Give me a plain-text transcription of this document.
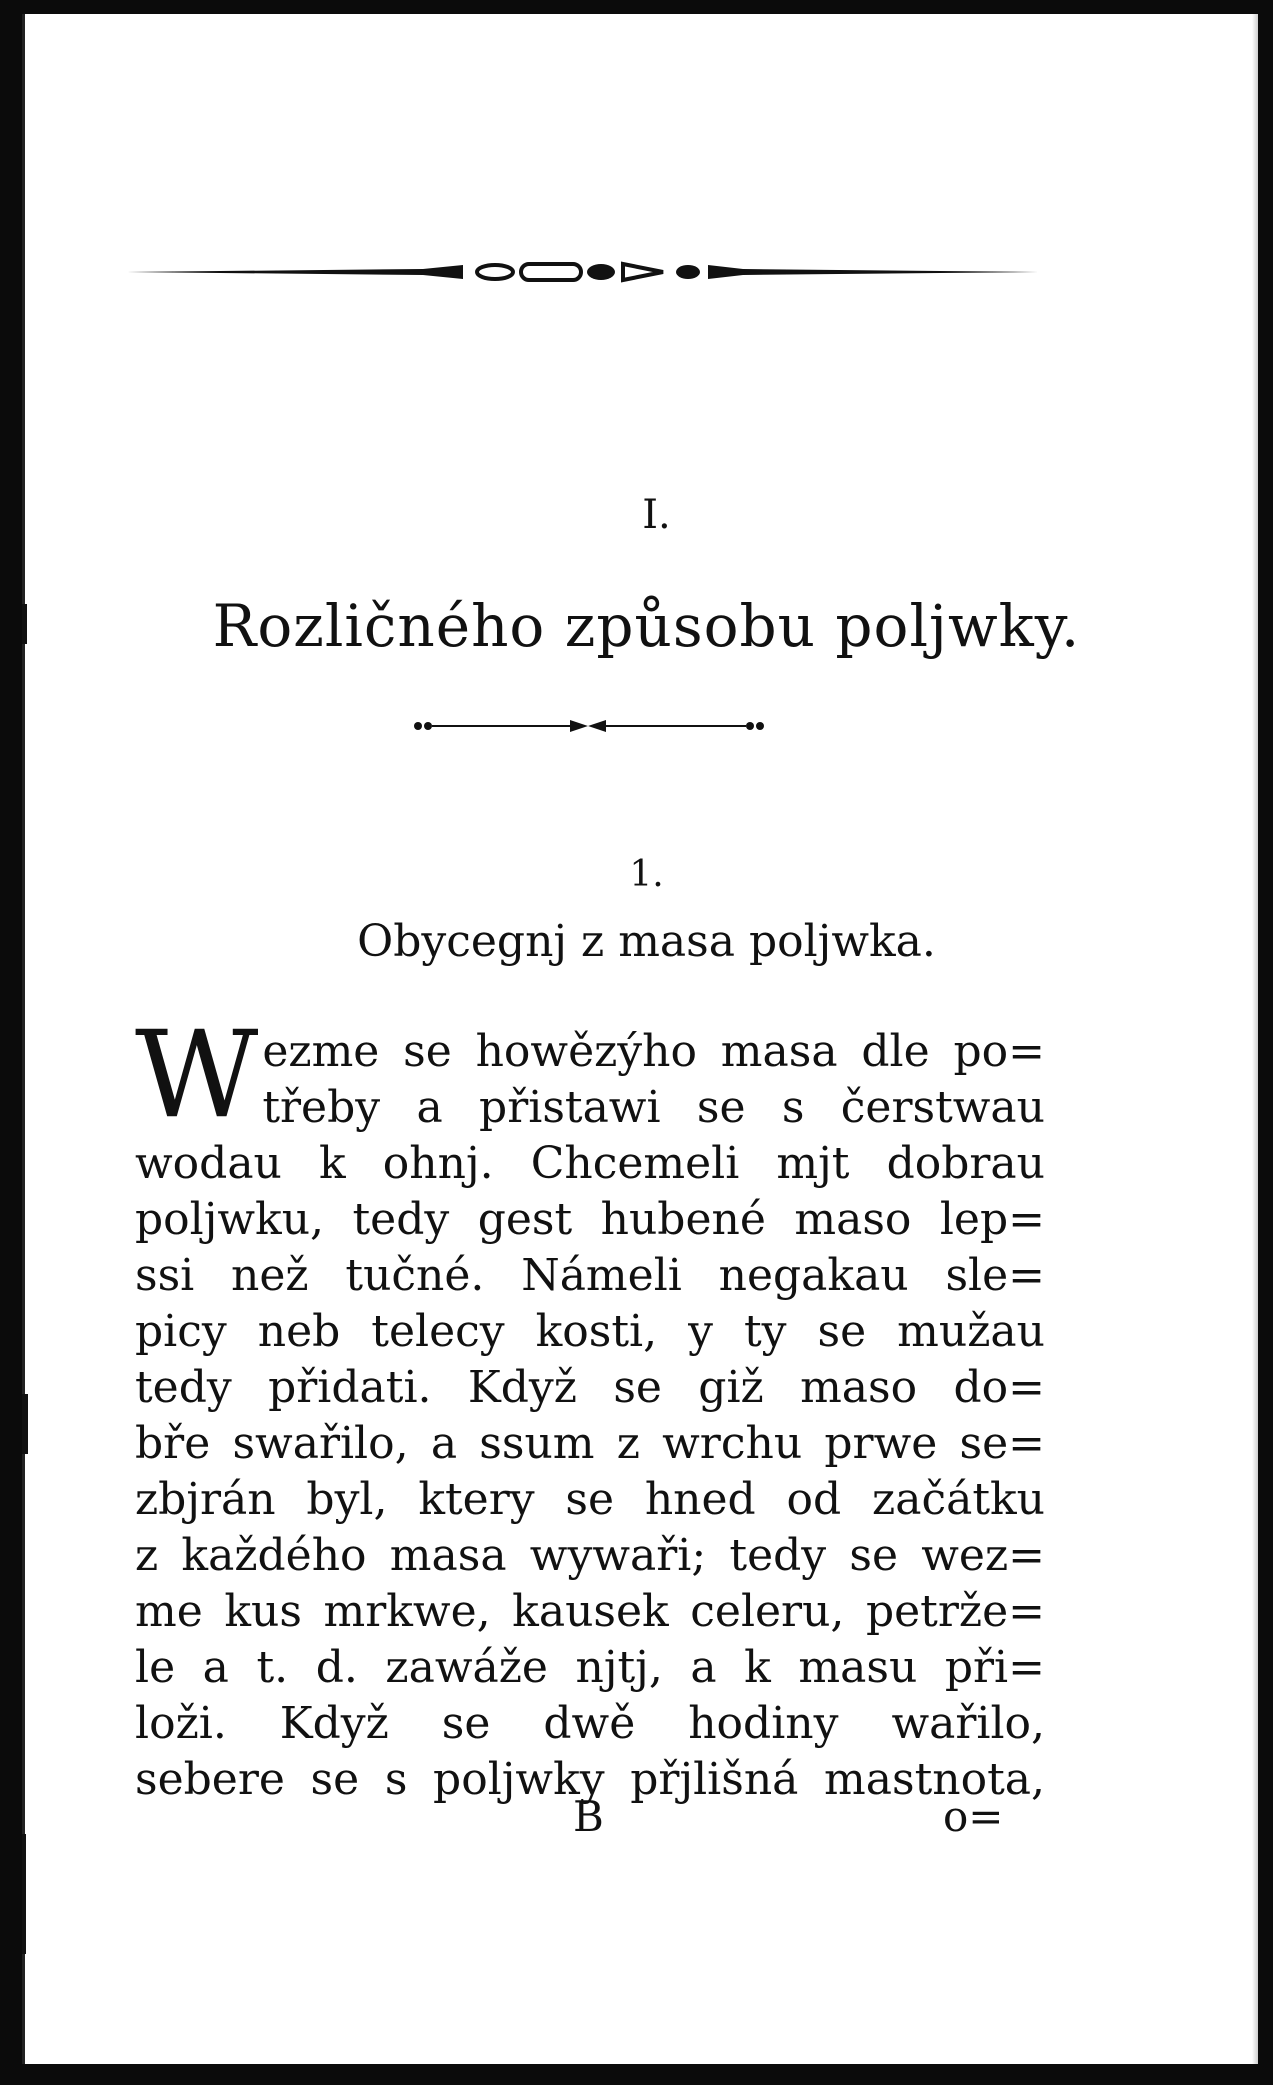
I.
Rozličného způsobu poljwky.
1.
Obycegnj z masa poljwka.
W ezme se howězýho masa dle po=
třeby a přistawi se s čerstwau
wodau k ohnj. Chcemeli mjt dobrau
poljwku, tedy gest hubené maso lep=
ssi než tučné. Námeli negakau sle=
picy neb telecy kosti, y ty se mužau
tedy přidati. Když se giž maso do=
bře swařilo, a ssum z wrchu prwe se=
zbjrán byl, ktery se hned od začátku
z každého masa wywaři; tedy se wez=
me kus mrkwe, kausek celeru, petrže=
le a t. d. zawáže njtj, a k masu při=
loži. Když se dwě hodiny wařilo,
sebere se s poljwky přjlišná mastnota,
B	o=
